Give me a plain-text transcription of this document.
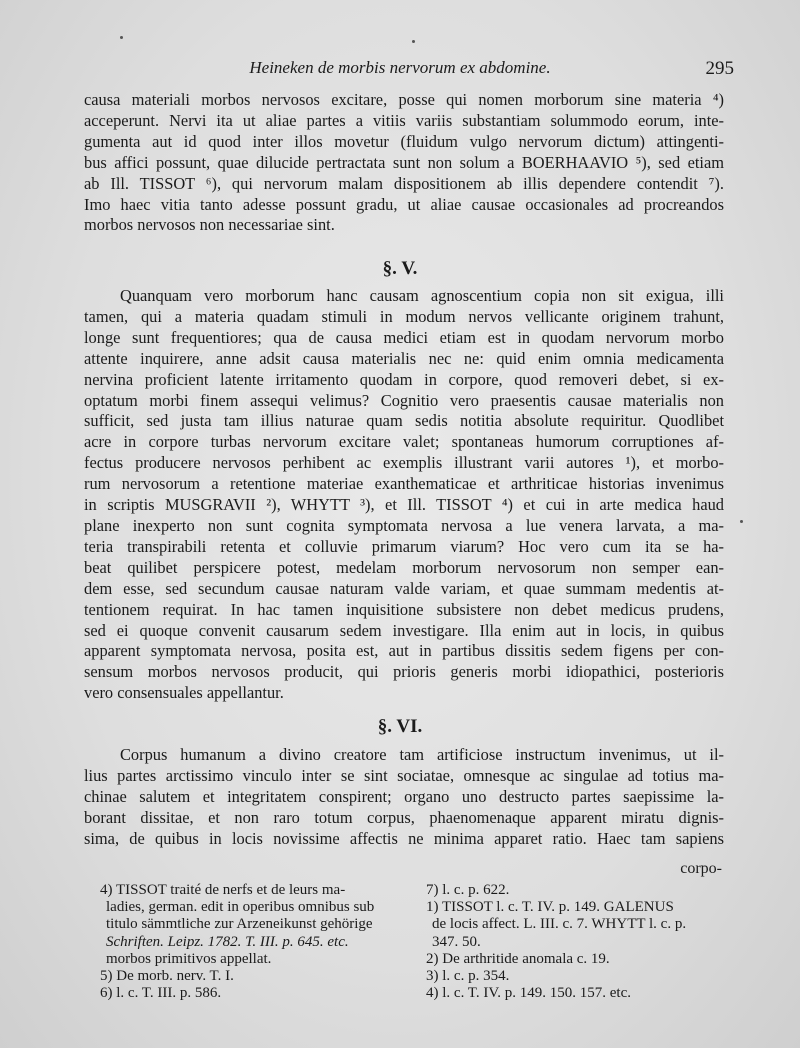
Heineken de morbis nervorum ex abdomine.	295
causa materiali morbos nervosos excitare, posse qui nomen morborum sine materia ⁴)
acceperunt. Nervi ita ut aliae partes a vitiis variis substantiam solummodo eorum, inte-
gumenta aut id quod inter illos movetur (fluidum vulgo nervorum dictum) attingenti-
bus affici possunt, quae dilucide pertractata sunt non solum a BOERHAAVIO ⁵), sed etiam
ab Ill. TISSOT ⁶), qui nervorum malam dispositionem ab illis dependere contendit ⁷).
Imo haec vitia tanto adesse possunt gradu, ut aliae causae occasionales ad procreandos
morbos nervosos non necessariae sint.
§. V.
Quanquam vero morborum hanc causam agnoscentium copia non sit exigua, illi
tamen, qui a materia quadam stimuli in modum nervos vellicante originem trahunt,
longe sunt frequentiores; qua de causa medici etiam est in quodam nervorum morbo
attente inquirere, anne adsit causa materialis nec ne: quid enim omnia medicamenta
nervina proficient latente irritamento quodam in corpore, quod removeri debet, si ex-
optatum morbi finem assequi velimus? Cognitio vero praesentis causae materialis non
sufficit, sed justa tam illius naturae quam sedis notitia absolute requiritur. Quodlibet
acre in corpore turbas nervorum excitare valet; spontaneas humorum corruptiones af-
fectus producere nervosos perhibent ac exemplis illustrant varii autores ¹), et morbo-
rum nervosorum a retentione materiae exanthematicae et arthriticae historias invenimus
in scriptis MUSGRAVII ²), WHYTT ³), et Ill. TISSOT ⁴) et cui in arte medica haud
plane inexperto non sunt cognita symptomata nervosa a lue venera larvata, a ma-
teria transpirabili retenta et colluvie primarum viarum? Hoc vero cum ita se ha-
beat quilibet perspicere potest, medelam morborum nervosorum non semper ean-
dem esse, sed secundum causae naturam valde variam, et quae summam medentis at-
tentionem requirat. In hac tamen inquisitione subsistere non debet medicus prudens,
sed ei quoque convenit causarum sedem investigare. Illa enim aut in locis, in quibus
apparent symptomata nervosa, posita est, aut in partibus dissitis sedem figens per con-
sensum morbos nervosos producit, qui prioris generis morbi idiopathici, posterioris
vero consensuales appellantur.
§. VI.
Corpus humanum a divino creatore tam artificiose instructum invenimus, ut il-
lius partes arctissimo vinculo inter se sint sociatae, omnesque ac singulae ad totius ma-
chinae salutem et integritatem conspirent; organo uno destructo partes saepissime la-
borant dissitae, et non raro totum corpus, phaenomenaque apparent miratu dignis-
sima, de quibus in locis novissime affectis ne minima apparet ratio. Haec tam sapiens
corpo-
4) TISSOT traité de nerfs et de leurs ma-
ladies, german. edit in operibus omnibus sub
titulo sämmtliche zur Arzeneikunst gehörige
Schriften. Leipz. 1782. T. III. p. 645. etc.
morbos primitivos appellat.
5) De morb. nerv. T. I.
6) l. c. T. III. p. 586.
7) l. c. p. 622.
1) TISSOT l. c. T. IV. p. 149. GALENUS
de locis affect. L. III. c. 7. WHYTT l. c. p.
347. 50.
2) De arthritide anomala c. 19.
3) l. c. p. 354.
4) l. c. T. IV. p. 149. 150. 157. etc.
